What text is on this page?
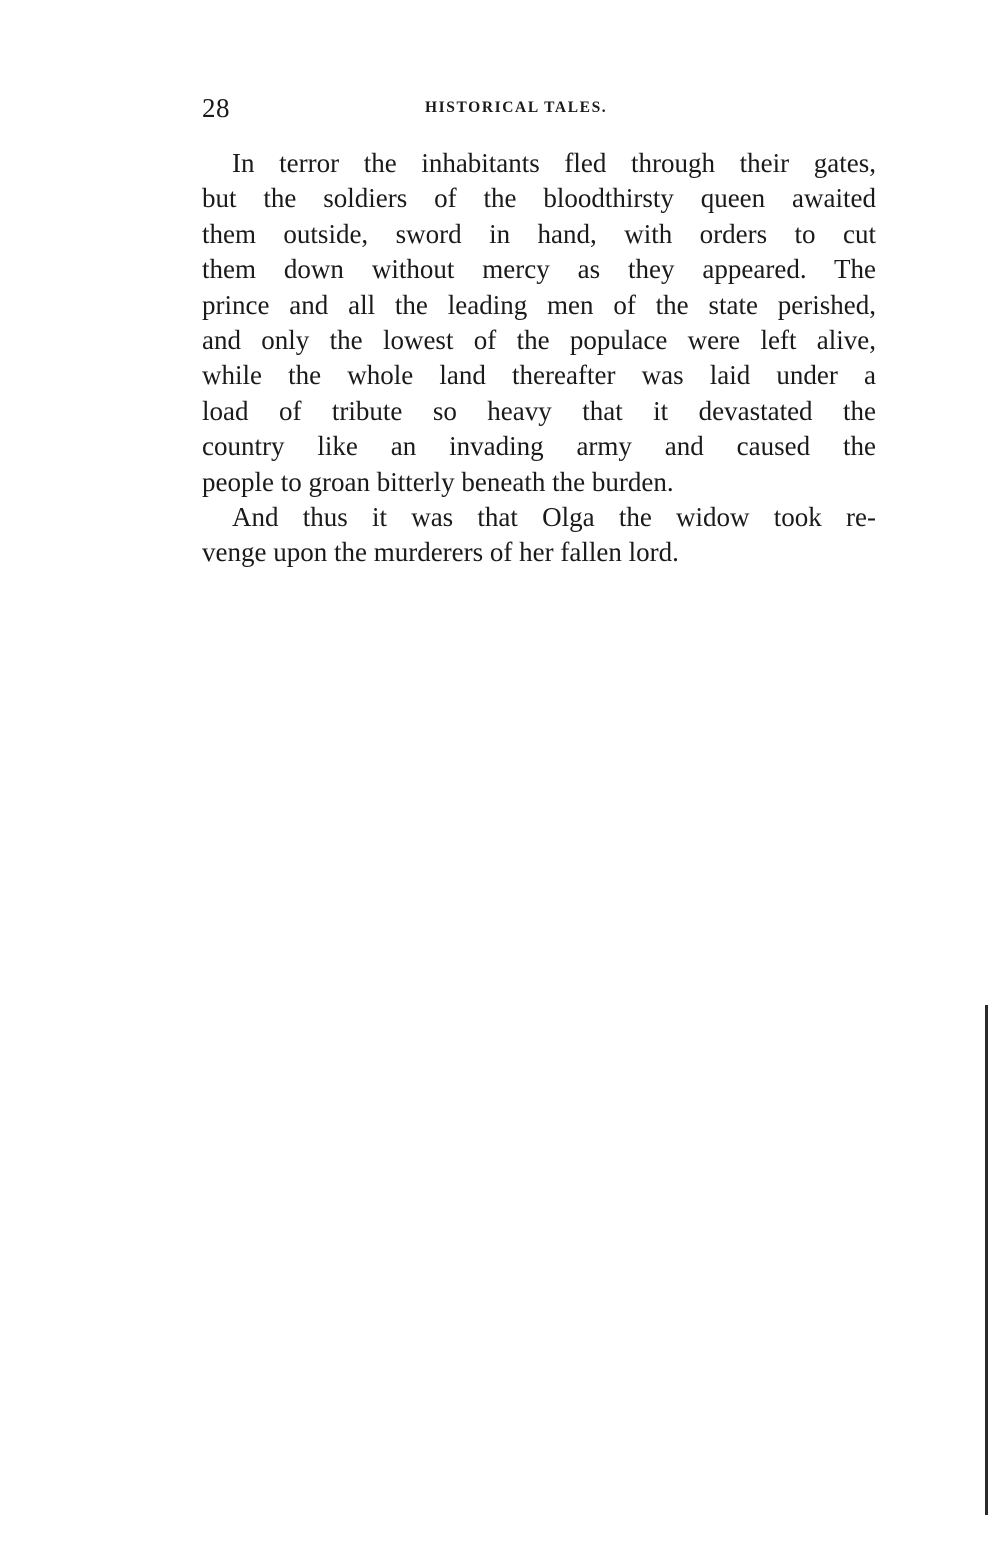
28	HISTORICAL TALES.
In terror the inhabitants fled through their gates,
but the soldiers of the bloodthirsty queen awaited
them outside, sword in hand, with orders to cut
them down without mercy as they appeared. The
prince and all the leading men of the state perished,
and only the lowest of the populace were left alive,
while the whole land thereafter was laid under a
load of tribute so heavy that it devastated the
country like an invading army and caused the
people to groan bitterly beneath the burden.
And thus it was that Olga the widow took re-
venge upon the murderers of her fallen lord.
